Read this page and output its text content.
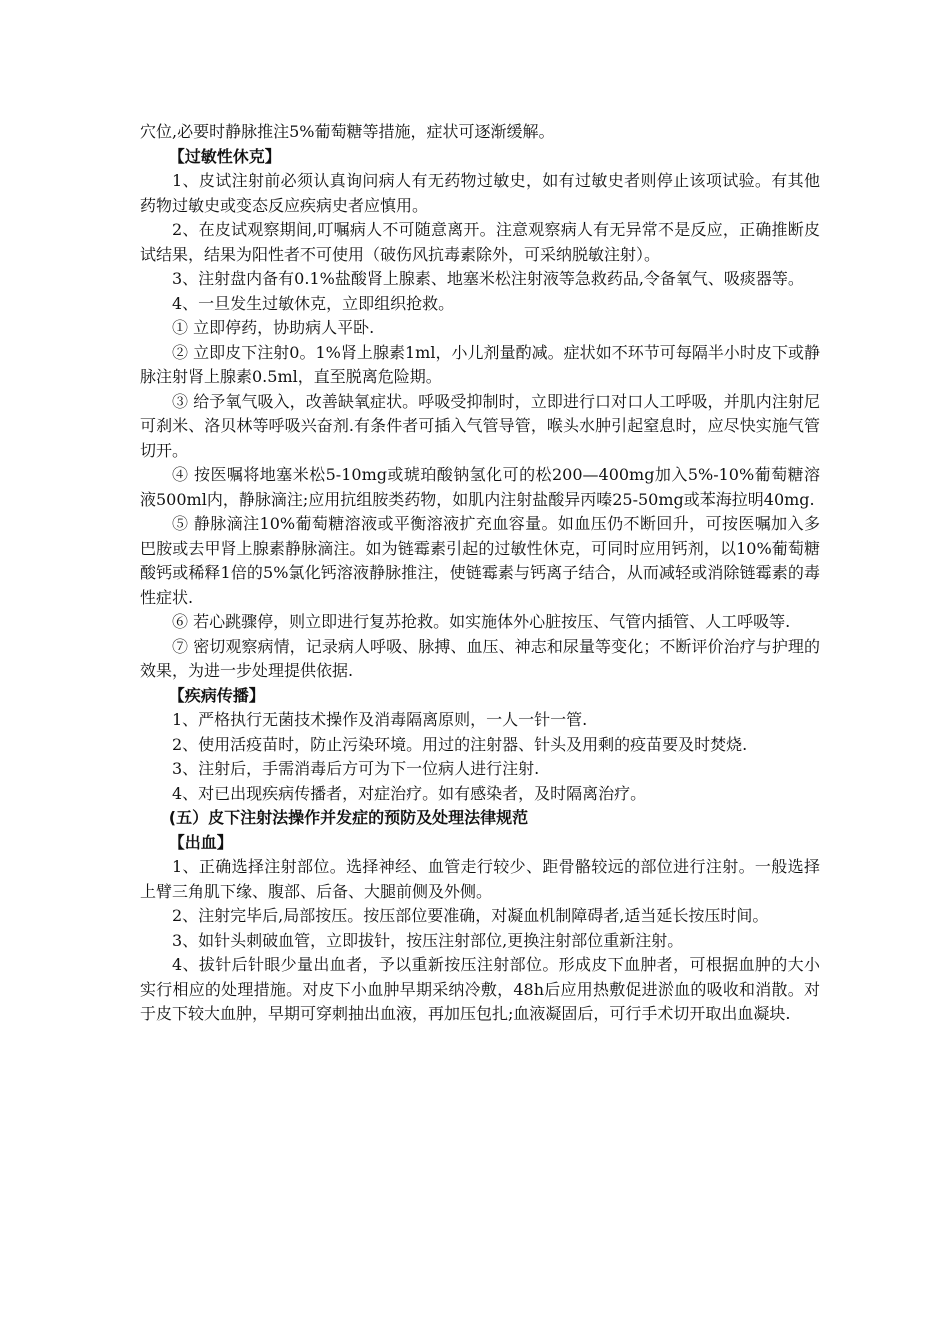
穴位,必要时静脉推注5%葡萄糖等措施，症状可逐渐缓解。

【过敏性休克】

1、皮试注射前必须认真询问病人有无药物过敏史，如有过敏史者则停止该项试验。有其他药物过敏史或变态反应疾病史者应慎用。

2、在皮试观察期间,叮嘱病人不可随意离开。注意观察病人有无异常不是反应，正确推断皮试结果，结果为阳性者不可使用（破伤风抗毒素除外，可采纳脱敏注射）。

3、注射盘内备有0.1%盐酸肾上腺素、地塞米松注射液等急救药品,令备氧气、吸痰器等。

4、一旦发生过敏休克，立即组织抢救。

① 立即停药，协助病人平卧.

② 立即皮下注射0。1%肾上腺素1ml，小儿剂量酌减。症状如不环节可每隔半小时皮下或静脉注射肾上腺素0.5ml，直至脱离危险期。

③ 给予氧气吸入，改善缺氧症状。呼吸受抑制时，立即进行口对口人工呼吸，并肌内注射尼可刹米、洛贝林等呼吸兴奋剂.有条件者可插入气管导管，喉头水肿引起窒息时，应尽快实施气管切开。

④ 按医嘱将地塞米松5-10mg或琥珀酸钠氢化可的松200—400mg加入5%-10%葡萄糖溶液500ml内，静脉滴注;应用抗组胺类药物，如肌内注射盐酸异丙嗪25-50mg或苯海拉明40mg.

⑤ 静脉滴注10%葡萄糖溶液或平衡溶液扩充血容量。如血压仍不断回升，可按医嘱加入多巴胺或去甲肾上腺素静脉滴注。如为链霉素引起的过敏性休克，可同时应用钙剂，以10%葡萄糖酸钙或稀释1倍的5%氯化钙溶液静脉推注，使链霉素与钙离子结合，从而减轻或消除链霉素的毒性症状.

⑥ 若心跳骤停，则立即进行复苏抢救。如实施体外心脏按压、气管内插管、人工呼吸等.

⑦ 密切观察病情，记录病人呼吸、脉搏、血压、神志和尿量等变化；不断评价治疗与护理的效果，为进一步处理提供依据.

【疾病传播】

1、严格执行无菌技术操作及消毒隔离原则，一人一针一管.

2、使用活疫苗时，防止污染环境。用过的注射器、针头及用剩的疫苗要及时焚烧.

3、注射后，手需消毒后方可为下一位病人进行注射.

4、对已出现疾病传播者，对症治疗。如有感染者，及时隔离治疗。

(五）皮下注射法操作并发症的预防及处理法律规范

【出血】

1、正确选择注射部位。选择神经、血管走行较少、距骨骼较远的部位进行注射。一般选择上臂三角肌下缘、腹部、后备、大腿前侧及外侧。

2、注射完毕后,局部按压。按压部位要准确，对凝血机制障碍者,适当延长按压时间。

3、如针头刺破血管，立即拔针，按压注射部位,更换注射部位重新注射。

4、拔针后针眼少量出血者，予以重新按压注射部位。形成皮下血肿者，可根据血肿的大小实行相应的处理措施。对皮下小血肿早期采纳冷敷，48h后应用热敷促进淤血的吸收和消散。对于皮下较大血肿，早期可穿刺抽出血液，再加压包扎;血液凝固后，可行手术切开取出血凝块.
